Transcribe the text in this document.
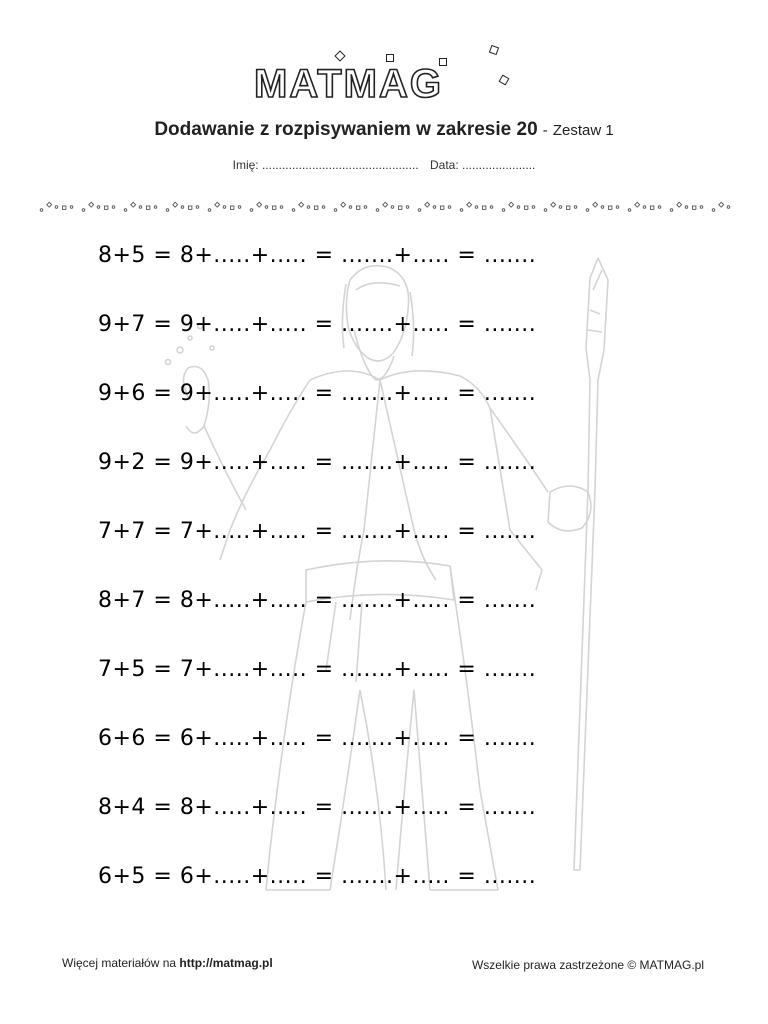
MATMAG
Dodawanie z rozpisywaniem w zakresie 20 - Zestaw 1
Imię: ............................................... Data: ......................
8+5 = 8+.....+..... = .......+..... = .......
9+7 = 9+.....+..... = .......+..... = .......
9+6 = 9+.....+..... = .......+..... = .......
9+2 = 9+.....+..... = .......+..... = .......
7+7 = 7+.....+..... = .......+..... = .......
8+7 = 8+.....+..... = .......+..... = .......
7+5 = 7+.....+..... = .......+..... = .......
6+6 = 6+.....+..... = .......+..... = .......
8+4 = 8+.....+..... = .......+..... = .......
6+5 = 6+.....+..... = .......+..... = .......
Więcej materiałów na http://matmag.pl	Wszelkie prawa zastrzeżone © MATMAG.pl
